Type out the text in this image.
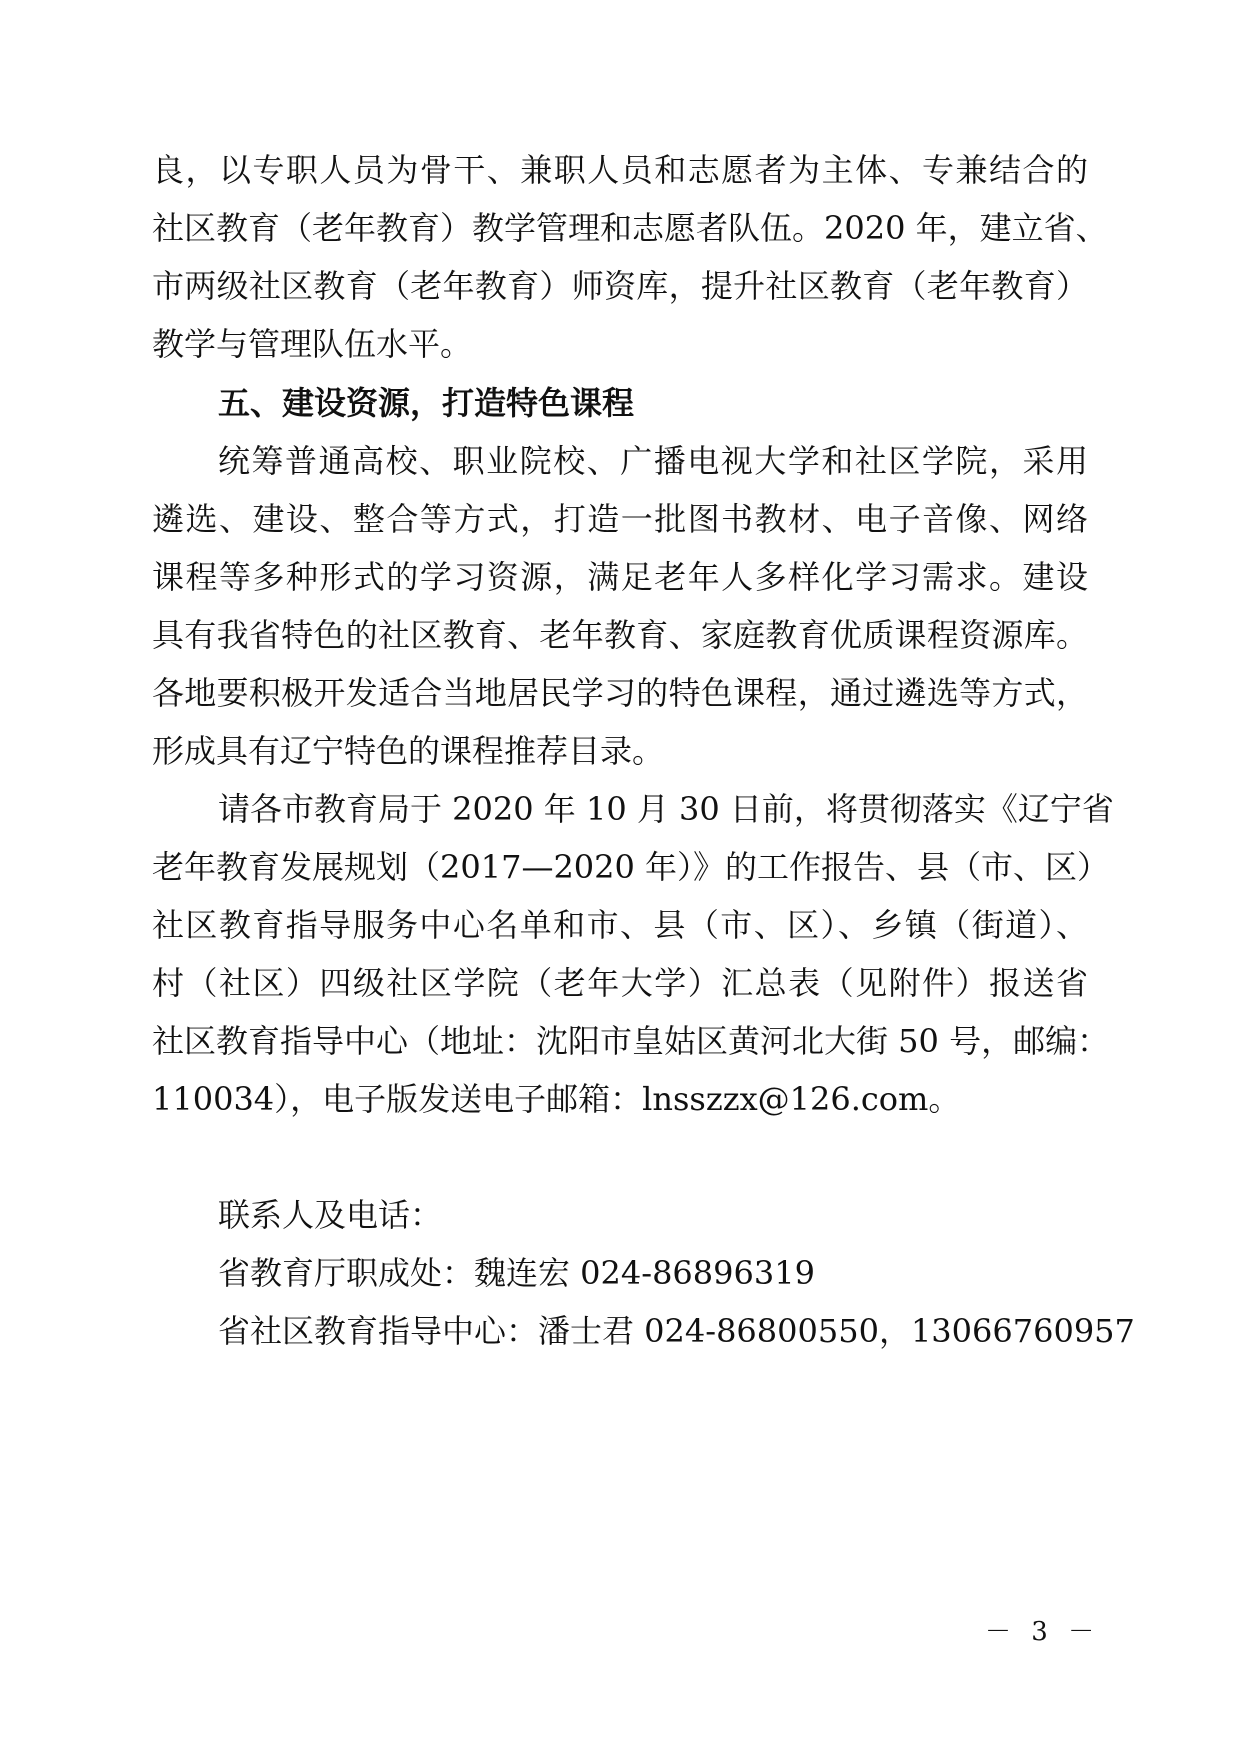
良，以专职人员为骨干、兼职人员和志愿者为主体、专兼结合的
社区教育（老年教育）教学管理和志愿者队伍。2020 年，建立省、
市两级社区教育（老年教育）师资库，提升社区教育（老年教育）
教学与管理队伍水平。
五、建设资源，打造特色课程
统筹普通高校、职业院校、广播电视大学和社区学院，采用
遴选、建设、整合等方式，打造一批图书教材、电子音像、网络
课程等多种形式的学习资源，满足老年人多样化学习需求。建设
具有我省特色的社区教育、老年教育、家庭教育优质课程资源库。
各地要积极开发适合当地居民学习的特色课程，通过遴选等方式，
形成具有辽宁特色的课程推荐目录。
请各市教育局于 2020 年 10 月 30 日前，将贯彻落实《辽宁省
老年教育发展规划（2017—2020 年）》的工作报告、县（市、区）
社区教育指导服务中心名单和市、县（市、区）、乡镇（街道）、
村（社区）四级社区学院（老年大学）汇总表（见附件）报送省
社区教育指导中心（地址：沈阳市皇姑区黄河北大街 50 号，邮编：
110034），电子版发送电子邮箱：lnsszzx@126.com。
联系人及电话：
省教育厅职成处：魏连宏 024-86896319
省社区教育指导中心：潘士君 024-86800550，13066760957
－ 3 －
